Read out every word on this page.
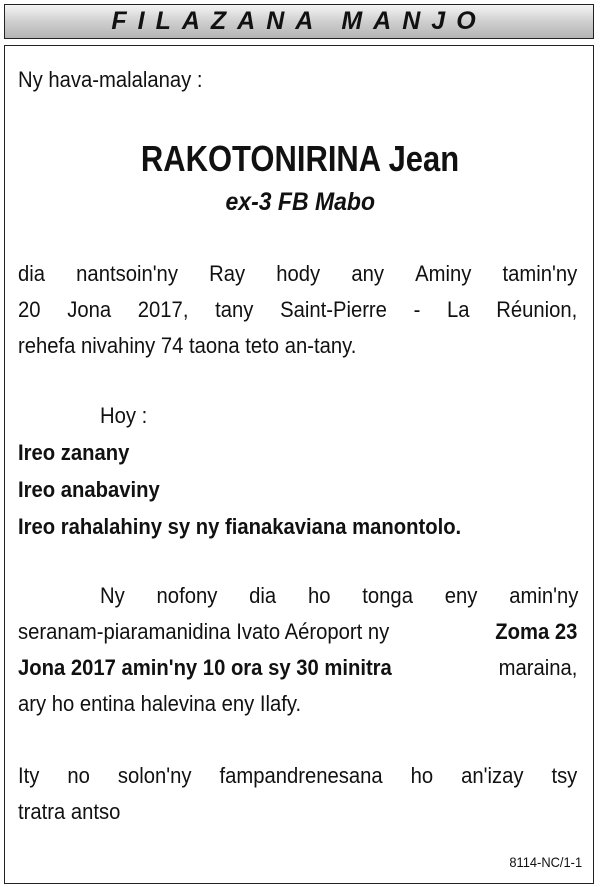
FILAZANA MANJO
Ny hava-malalanay :
RAKOTONIRINA Jean
ex-3 FB Mabo
dia nantsoin'ny Ray hody any Aminy tamin'ny
20 Jona 2017, tany Saint-Pierre - La Réunion,
rehefa nivahiny 74 taona teto an-tany.
Hoy :
Ireo zanany
Ireo anabaviny
Ireo rahalahiny sy ny fianakaviana manontolo.
Ny nofony dia ho tonga eny amin'ny
seranam-piaramanidina Ivato Aéroport ny	Zoma 23
Jona 2017 amin'ny 10 ora sy 30 minitra	maraina,
ary ho entina halevina eny Ilafy.
Ity no solon'ny fampandrenesana ho an'izay tsy
tratra antso
8114-NC/1-1
